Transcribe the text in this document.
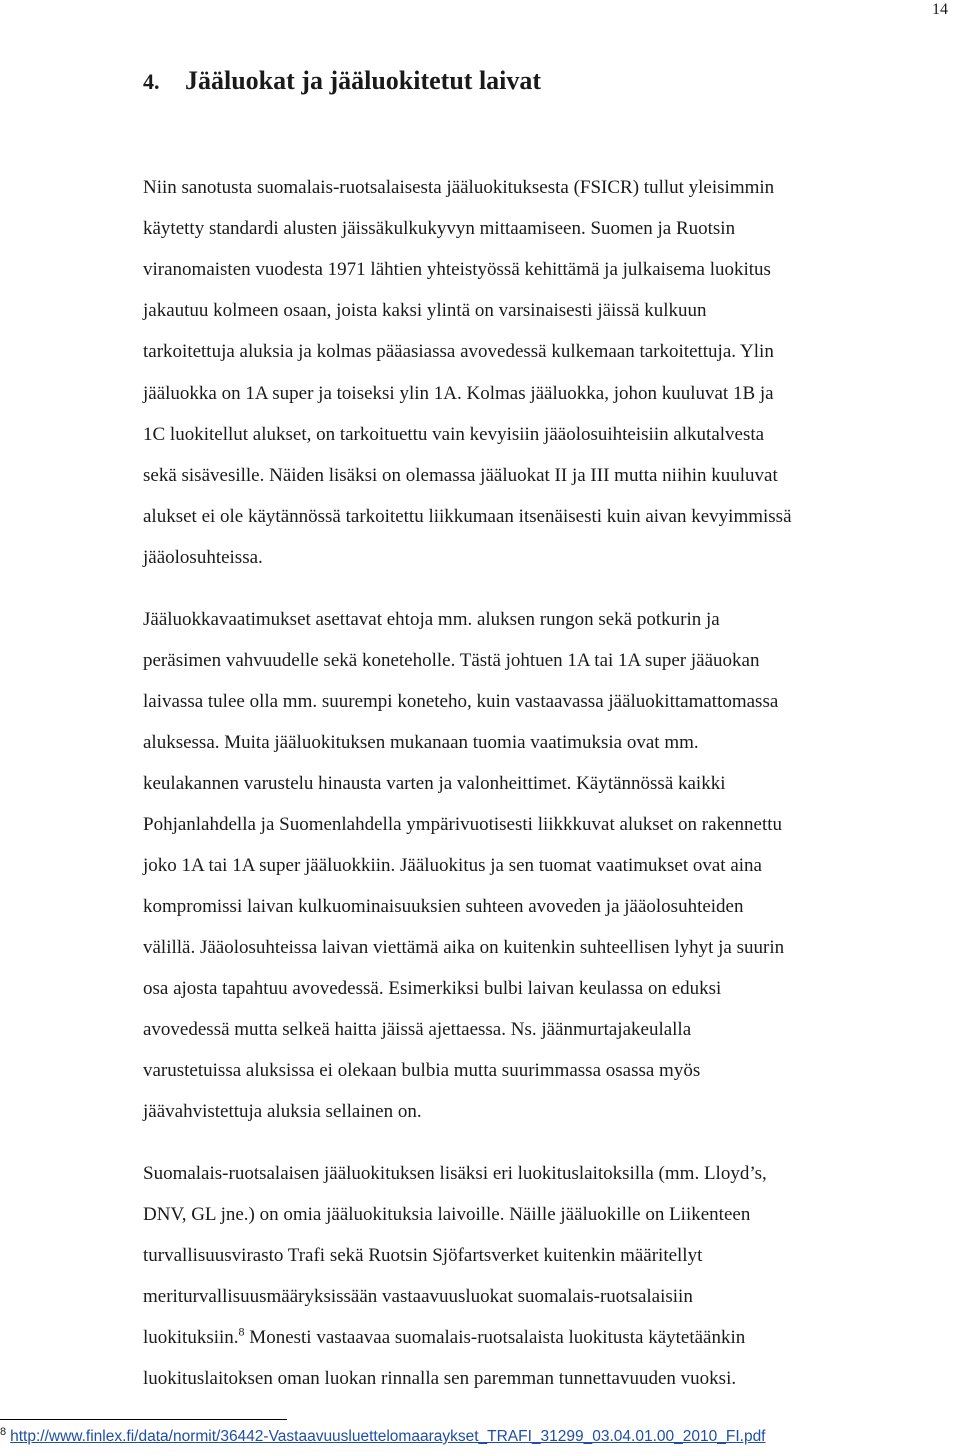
14
4. Jääluokat ja jääluokitetut laivat
Niin sanotusta suomalais-ruotsalaisesta jääluokituksesta (FSICR) tullut yleisimmin
käytetty standardi alusten jäissäkulkukyvyn mittaamiseen. Suomen ja Ruotsin
viranomaisten vuodesta 1971 lähtien yhteistyössä kehittämä ja julkaisema luokitus
jakautuu kolmeen osaan, joista kaksi ylintä on varsinaisesti jäissä kulkuun
tarkoitettuja aluksia ja kolmas pääasiassa avovedessä kulkemaan tarkoitettuja. Ylin
jääluokka on 1A super ja toiseksi ylin 1A. Kolmas jääluokka, johon kuuluvat 1B ja
1C luokitellut alukset, on tarkoituettu vain kevyisiin jääolosuihteisiin alkutalvesta
sekä sisävesille. Näiden lisäksi on olemassa jääluokat II ja III mutta niihin kuuluvat
alukset ei ole käytännössä tarkoitettu liikkumaan itsenäisesti kuin aivan kevyimmissä
jääolosuhteissa.
Jääluokkavaatimukset asettavat ehtoja mm. aluksen rungon sekä potkurin ja
peräsimen vahvuudelle sekä koneteholle. Tästä johtuen 1A tai 1A super jääuokan
laivassa tulee olla mm. suurempi koneteho, kuin vastaavassa jääluokittamattomassa
aluksessa. Muita jääluokituksen mukanaan tuomia vaatimuksia ovat mm.
keulakannen varustelu hinausta varten ja valonheittimet. Käytännössä kaikki
Pohjanlahdella ja Suomenlahdella ympärivuotisesti liikkkuvat alukset on rakennettu
joko 1A tai 1A super jääluokkiin. Jääluokitus ja sen tuomat vaatimukset ovat aina
kompromissi laivan kulkuominaisuuksien suhteen avoveden ja jääolosuhteiden
välillä. Jääolosuhteissa laivan viettämä aika on kuitenkin suhteellisen lyhyt ja suurin
osa ajosta tapahtuu avovedessä. Esimerkiksi bulbi laivan keulassa on eduksi
avovedessä mutta selkeä haitta jäissä ajettaessa. Ns. jäänmurtajakeulalla
varustetuissa aluksissa ei olekaan bulbia mutta suurimmassa osassa myös
jäävahvistettuja aluksia sellainen on.
Suomalais-ruotsalaisen jääluokituksen lisäksi eri luokituslaitoksilla (mm. Lloyd’s,
DNV, GL jne.) on omia jääluokituksia laivoille. Näille jääluokille on Liikenteen
turvallisuusvirasto Trafi sekä Ruotsin Sjöfartsverket kuitenkin määritellyt
meriturvallisuusmääryksissään vastaavuusluokat suomalais-ruotsalaisiin
luokituksiin.$^8$ Monesti vastaavaa suomalais-ruotsalaista luokitusta käytetäänkin
luokituslaitoksen oman luokan rinnalla sen paremman tunnettavuuden vuoksi.
$^8$ http://www.finlex.fi/data/normit/36442-Vastaavuusluettelomaaraykset_TRAFI_31299_03.04.01.00_2010_FI.pdf
